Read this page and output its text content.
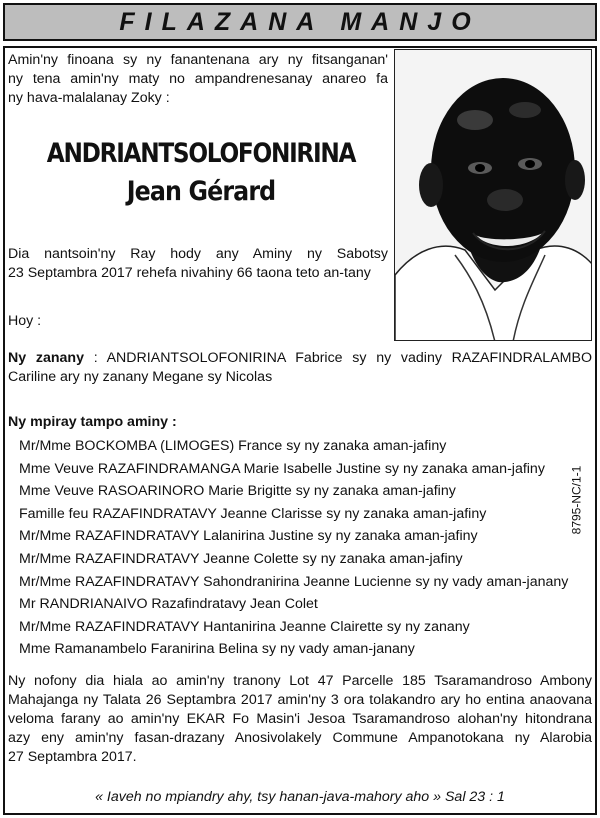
FILAZANA MANJO
Amin'ny finoana sy ny fanantenana ary ny fitsanganan'
ny tena amin'ny maty no ampandrenesanay anareo fa
ny hava-malalanay Zoky :
ANDRIANTSOLOFONIRINA
Jean Gérard
Dia nantsoin'ny Ray hody any Aminy ny Sabotsy
23 Septambra 2017 rehefa nivahiny 66 taona teto an-tany
Hoy :
Ny zanany : ANDRIANTSOLOFONIRINA Fabrice sy ny vadiny RAZAFINDRALAMBO
Cariline ary ny zanany Megane sy Nicolas
8795-NC/1-1
Ny mpiray tampo aminy :
Mr/Mme BOCKOMBA (LIMOGES) France sy ny zanaka aman-jafiny
Mme Veuve RAZAFINDRAMANGA Marie Isabelle Justine sy ny zanaka aman-jafiny
Mme Veuve RASOARINORO Marie Brigitte sy ny zanaka aman-jafiny
Famille feu RAZAFINDRATAVY Jeanne Clarisse sy ny zanaka aman-jafiny
Mr/Mme RAZAFINDRATAVY Lalanirina Justine sy ny zanaka aman-jafiny
Mr/Mme RAZAFINDRATAVY Jeanne Colette sy ny zanaka aman-jafiny
Mr/Mme RAZAFINDRATAVY Sahondranirina Jeanne Lucienne sy ny vady aman-janany
Mr RANDRIANAIVO Razafindratavy Jean Colet
Mr/Mme RAZAFINDRATAVY Hantanirina Jeanne Clairette sy ny zanany
Mme Ramanambelo Faranirina Belina sy ny vady aman-janany
Ny nofony dia hiala ao amin'ny tranony Lot 47 Parcelle 185 Tsaramandroso Ambony
Mahajanga ny Talata 26 Septambra 2017 amin'ny 3 ora tolakandro ary ho entina anaovana
veloma farany ao amin'ny EKAR Fo Masin'i Jesoa Tsaramandroso alohan'ny hitondrana
azy eny amin'ny fasan-drazany Anosivolakely Commune Ampanotokana ny Alarobia
27 Septambra 2017.
« Iaveh no mpiandry ahy, tsy hanan-java-mahory aho » Sal 23 : 1
